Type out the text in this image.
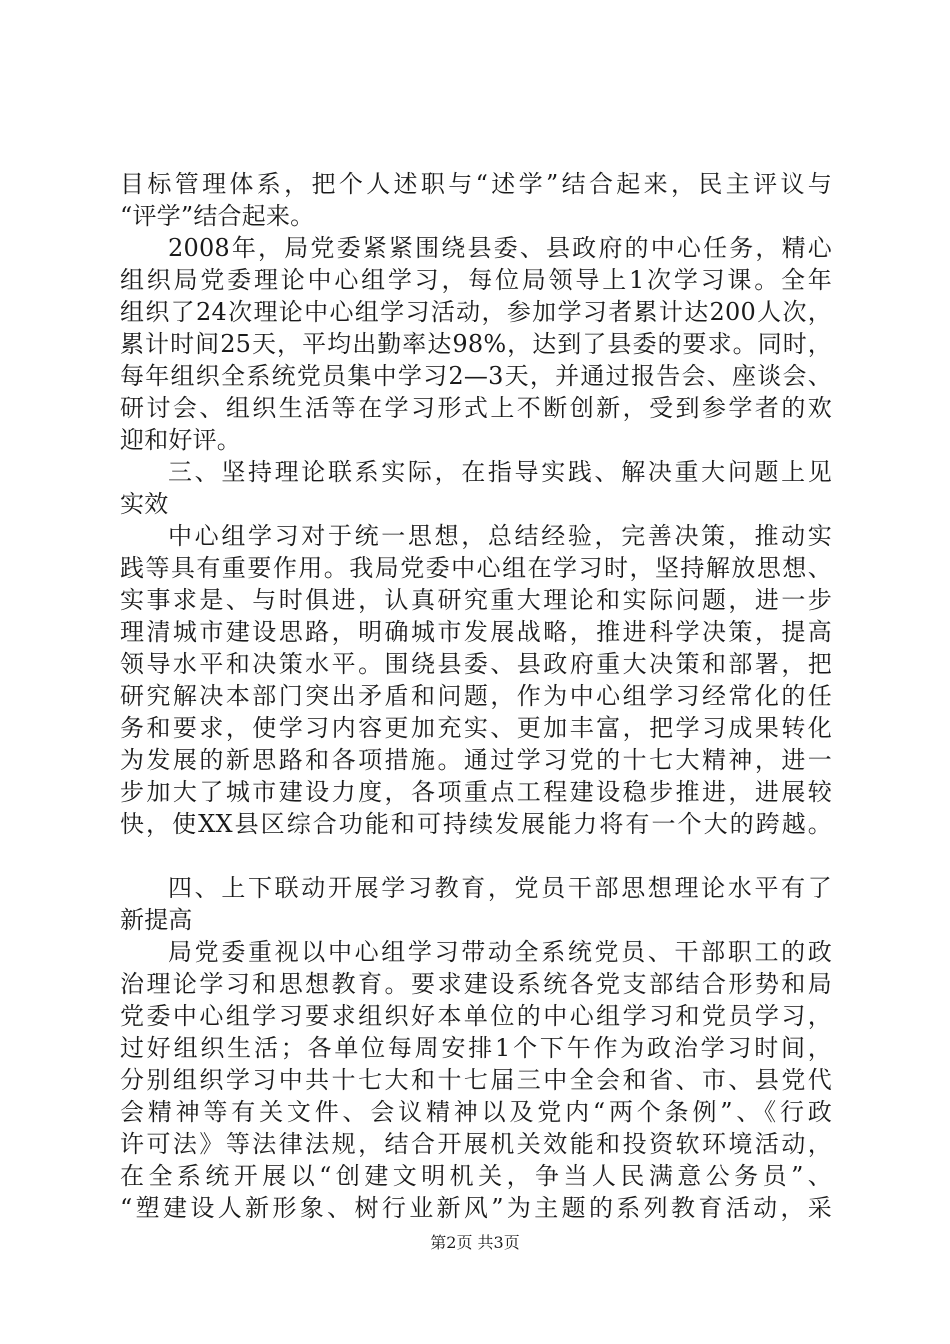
目标管理体系，把个人述职与“述学”结合起来，民主评议与
“评学”结合起来。
2008年，局党委紧紧围绕县委、县政府的中心任务，精心
组织局党委理论中心组学习，每位局领导上1次学习课。全年
组织了24次理论中心组学习活动，参加学习者累计达200人次，
累计时间25天，平均出勤率达98%，达到了县委的要求。同时，
每年组织全系统党员集中学习2—3天，并通过报告会、座谈会、
研讨会、组织生活等在学习形式上不断创新，受到参学者的欢
迎和好评。
三、坚持理论联系实际，在指导实践、解决重大问题上见
实效
中心组学习对于统一思想，总结经验，完善决策，推动实
践等具有重要作用。我局党委中心组在学习时，坚持解放思想、
实事求是、与时俱进，认真研究重大理论和实际问题，进一步
理清城市建设思路，明确城市发展战略，推进科学决策，提高
领导水平和决策水平。围绕县委、县政府重大决策和部署，把
研究解决本部门突出矛盾和问题，作为中心组学习经常化的任
务和要求，使学习内容更加充实、更加丰富，把学习成果转化
为发展的新思路和各项措施。通过学习党的十七大精神，进一
步加大了城市建设力度，各项重点工程建设稳步推进，进展较
快，使XX县区综合功能和可持续发展能力将有一个大的跨越。
四、上下联动开展学习教育，党员干部思想理论水平有了
新提高
局党委重视以中心组学习带动全系统党员、干部职工的政
治理论学习和思想教育。要求建设系统各党支部结合形势和局
党委中心组学习要求组织好本单位的中心组学习和党员学习，
过好组织生活；各单位每周安排1个下午作为政治学习时间，
分别组织学习中共十七大和十七届三中全会和省、市、县党代
会精神等有关文件、会议精神以及党内“两个条例”、《行政
许可法》等法律法规，结合开展机关效能和投资软环境活动，
在全系统开展以“创建文明机关，争当人民满意公务员”、
“塑建设人新形象、树行业新风”为主题的系列教育活动，采
第2页 共3页
